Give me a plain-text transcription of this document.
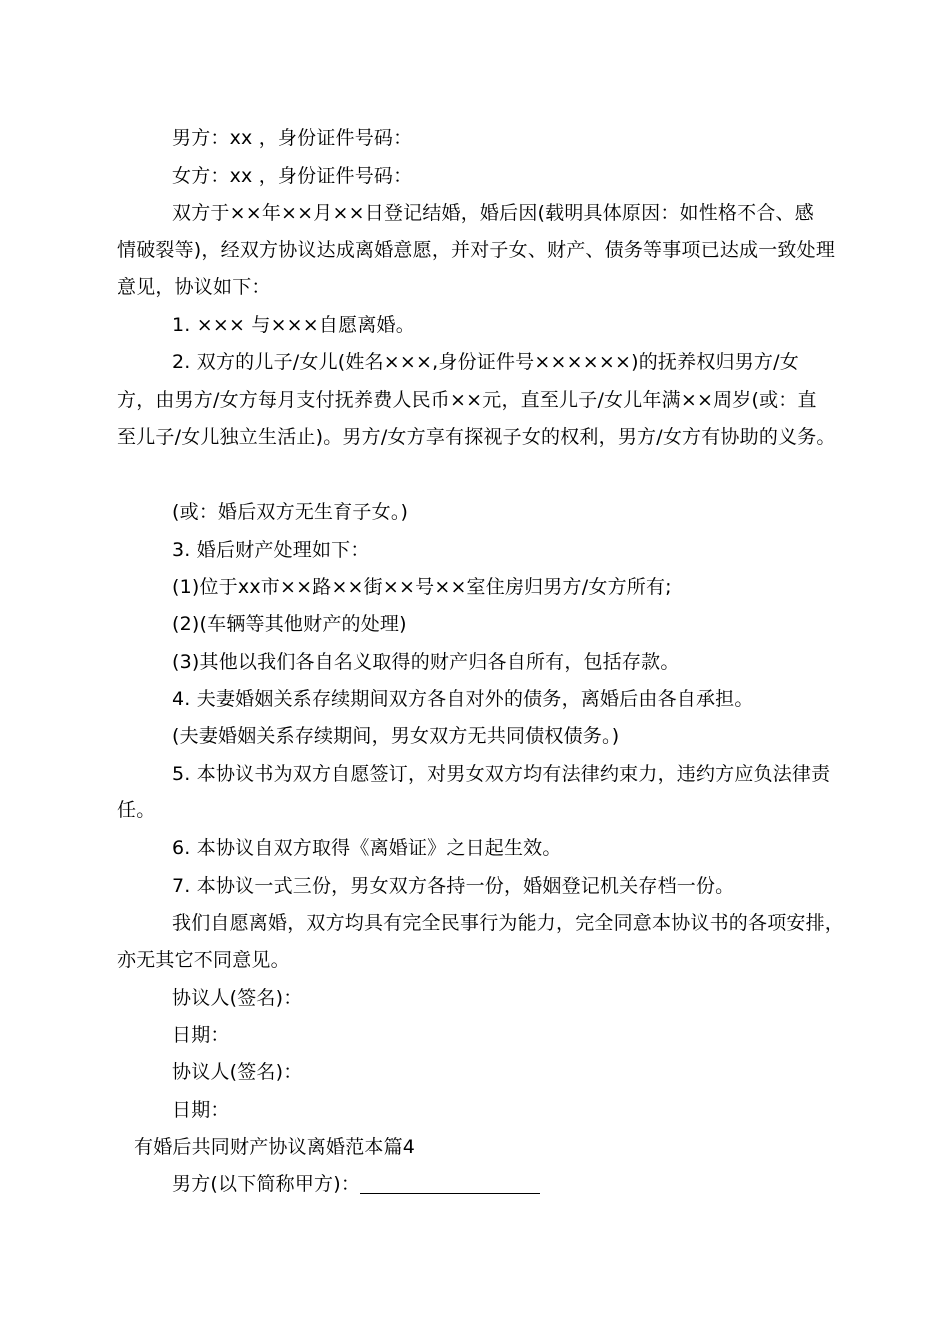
男方：xx ，身份证件号码：
女方：xx ，身份证件号码：
双方于××年××月××日登记结婚，婚后因(载明具体原因：如性格不合、感
情破裂等)，经双方协议达成离婚意愿，并对子女、财产、债务等事项已达成一致处理
意见，协议如下：
1. ××× 与×××自愿离婚。
2. 双方的儿子/女儿(姓名×××,身份证件号××××××)的抚养权归男方/女
方，由男方/女方每月支付抚养费人民币××元，直至儿子/女儿年满××周岁(或：直
至儿子/女儿独立生活止)。男方/女方享有探视子女的权利，男方/女方有协助的义务。
(或：婚后双方无生育子女。)
3. 婚后财产处理如下：
(1)位于xx市××路××街××号××室住房归男方/女方所有;
(2)(车辆等其他财产的处理)
(3)其他以我们各自名义取得的财产归各自所有，包括存款。
4. 夫妻婚姻关系存续期间双方各自对外的债务，离婚后由各自承担。
(夫妻婚姻关系存续期间，男女双方无共同债权债务。)
5. 本协议书为双方自愿签订，对男女双方均有法律约束力，违约方应负法律责
任。
6. 本协议自双方取得《离婚证》之日起生效。
7. 本协议一式三份，男女双方各持一份，婚姻登记机关存档一份。
我们自愿离婚，双方均具有完全民事行为能力，完全同意本协议书的各项安排，
亦无其它不同意见。
协议人(签名)：
日期：
协议人(签名)：
日期：
有婚后共同财产协议离婚范本篇4
男方(以下简称甲方)：
